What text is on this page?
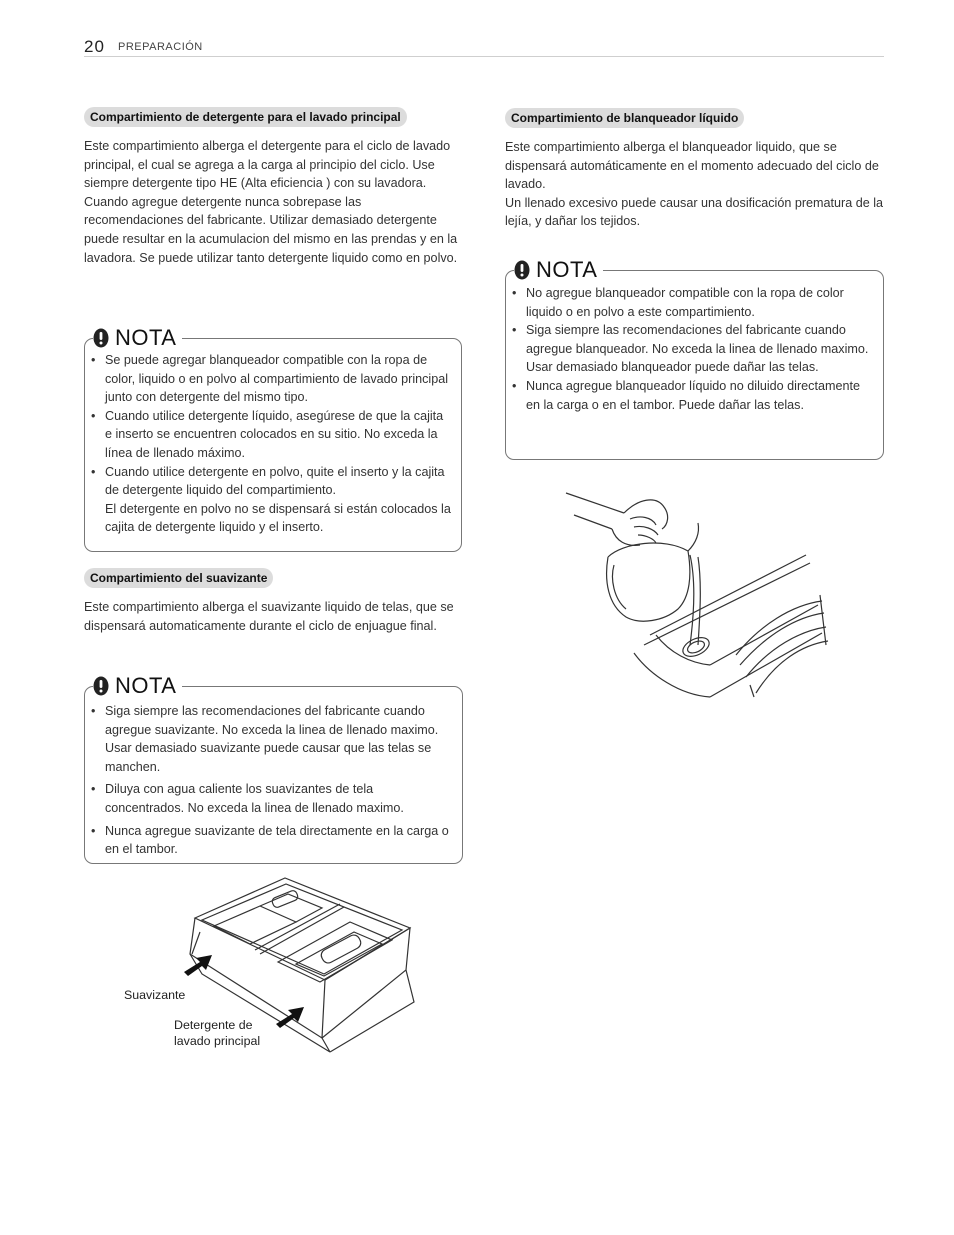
20 PREPARACIÓN
Compartimiento de detergente para el lavado principal

Este compartimiento alberga el detergente para el ciclo de lavado principal, el cual se agrega a la carga al principio del ciclo. Use siempre detergente tipo HE (Alta eficiencia ) con su lavadora.

Cuando agregue detergente nunca sobrepase las recomendaciones del fabricante. Utilizar demasiado detergente puede resultar en la acumulacion del mismo en las prendas y en la lavadora. Se puede utilizar tanto detergente liquido como en polvo.

NOTA
• Se puede agregar blanqueador compatible con la ropa de color, liquido o en polvo al compartimiento de lavado principal junto con detergente del mismo tipo.
• Cuando utilice detergente líquido, asegúrese de que la cajita e inserto se encuentren colocados en su sitio. No exceda la línea de llenado máximo.
• Cuando utilice detergente en polvo, quite el inserto y la cajita de detergente liquido del compartimiento.
El detergente en polvo no se dispensará si están colocados la cajita de detergente liquido y el inserto.
Compartimiento del suavizante

Este compartimiento alberga el suavizante liquido de telas, que se dispensará automaticamente durante el ciclo de enjuague final.

NOTA
• Siga siempre las recomendaciones del fabricante cuando agregue suavizante. No exceda la linea de llenado maximo. Usar demasiado suavizante puede causar que las telas se manchen.
• Diluya con agua caliente los suavizantes de tela concentrados. No exceda la linea de llenado maximo.
• Nunca agregue suavizante de tela directamente en la carga o en el tambor.
Suavizante
Detergente de
lavado principal
Compartimiento de blanqueador líquido

Este compartimiento alberga el blanqueador liquido, que se dispensará automáticamente en el momento adecuado del ciclo de lavado.

Un llenado excesivo puede causar una dosificación prematura de la lejía, y dañar los tejidos.

NOTA
• No agregue blanqueador compatible con la ropa de color liquido o en polvo a este compartimiento.
• Siga siempre las recomendaciones del fabricante cuando agregue blanqueador. No exceda la linea de llenado maximo. Usar demasiado blanqueador puede dañar las telas.
• Nunca agregue blanqueador líquido no diluido directamente en la carga o en el tambor. Puede dañar las telas.
